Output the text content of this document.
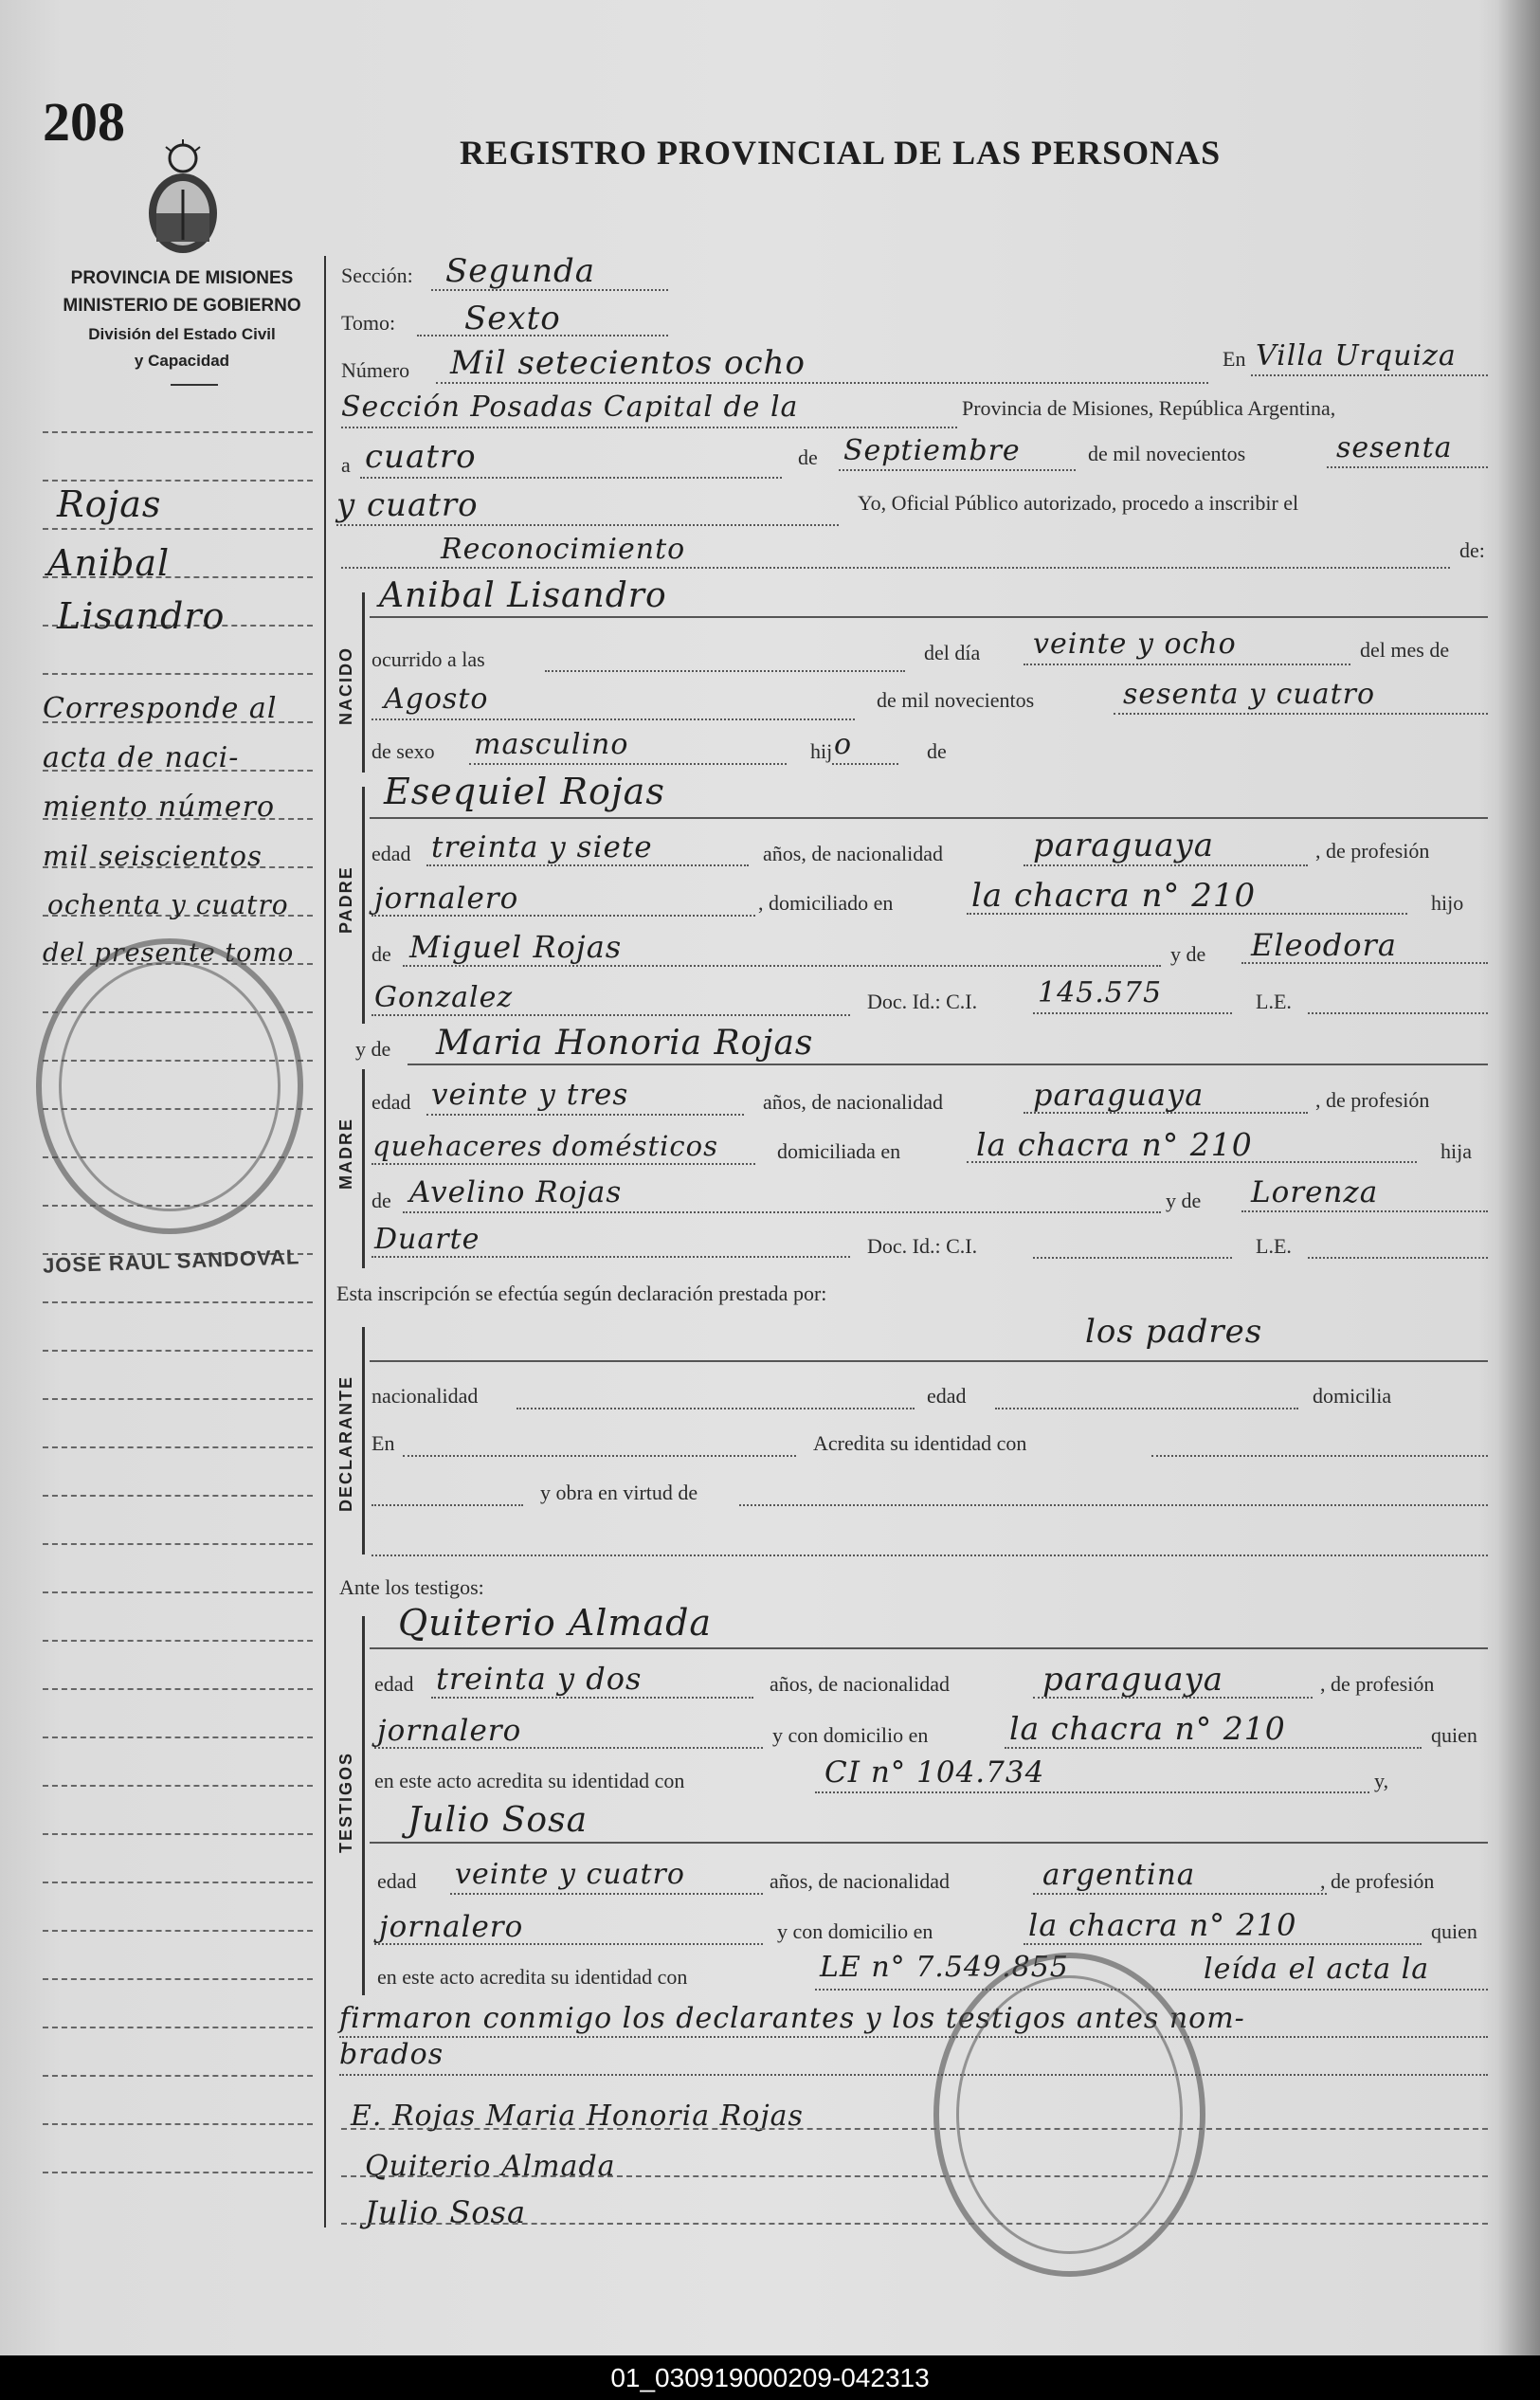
208	REGISTRO PROVINCIAL DE LAS PERSONAS
PROVINCIA DE MISIONES
MINISTERIO DE GOBIERNO
División del Estado Civil
y Capacidad
Rojas
Anibal
Lisandro
Corresponde al
acta de naci-
miento número
mil seiscientos
ochenta y cuatro
del presente tomo
JOSE RAUL SANDOVAL
Sección: Segunda
Tomo: Sexto
Número Mil setecientos ocho	En Villa Urquiza
Sección Posadas Capital de la	Provincia de Misiones, República Argentina,
a cuatro	de Septiembre	de mil novecientos	sesenta
y cuatro	Yo, Oficial Público autorizado, procedo a inscribir el
Reconocimiento	de:
NACIDO
Anibal Lisandro
ocurrido a las	del día veinte y ocho	del mes de
Agosto	de mil novecientos	sesenta y cuatro
de sexo masculino	hij o	de
PADRE
Esequiel Rojas
edad treinta y siete	años, de nacionalidad	paraguaya	, de profesión
jornalero	, domiciliado en la chacra n° 210	hijo
de Miguel Rojas	y de Eleodora
Gonzalez	Doc. Id.: C.I. 145.575	L.E.
y de Maria Honoria Rojas
MADRE
edad veinte y tres	años, de nacionalidad	paraguaya	, de profesión
quehaceres domésticos	domiciliada en la chacra n° 210	hija
de Avelino Rojas	y de Lorenza
Duarte	Doc. Id.: C.I.	L.E.
Esta inscripción se efectúa según declaración prestada por:
DECLARANTE
los padres
nacionalidad	edad	domicilia
En	Acredita su identidad con
y obra en virtud de
Ante los testigos:
TESTIGOS
Quiterio Almada
edad treinta y dos	años, de nacionalidad	paraguaya	, de profesión
jornalero	y con domicilio en	la chacra n° 210	quien
en este acto acredita su identidad con	CI n° 104.734	y,
Julio Sosa
edad veinte y cuatro	años, de nacionalidad	argentina	, de profesión
jornalero	y con domicilio en	la chacra n° 210	quien
en este acto acredita su identidad con	LE n° 7.549.855	leída el acta la
firmaron conmigo los declarantes y los testigos antes nom-
brados
E. Rojas Maria Honoria Rojas
Quiterio Almada
Julio Sosa
01_030919000209-042313
